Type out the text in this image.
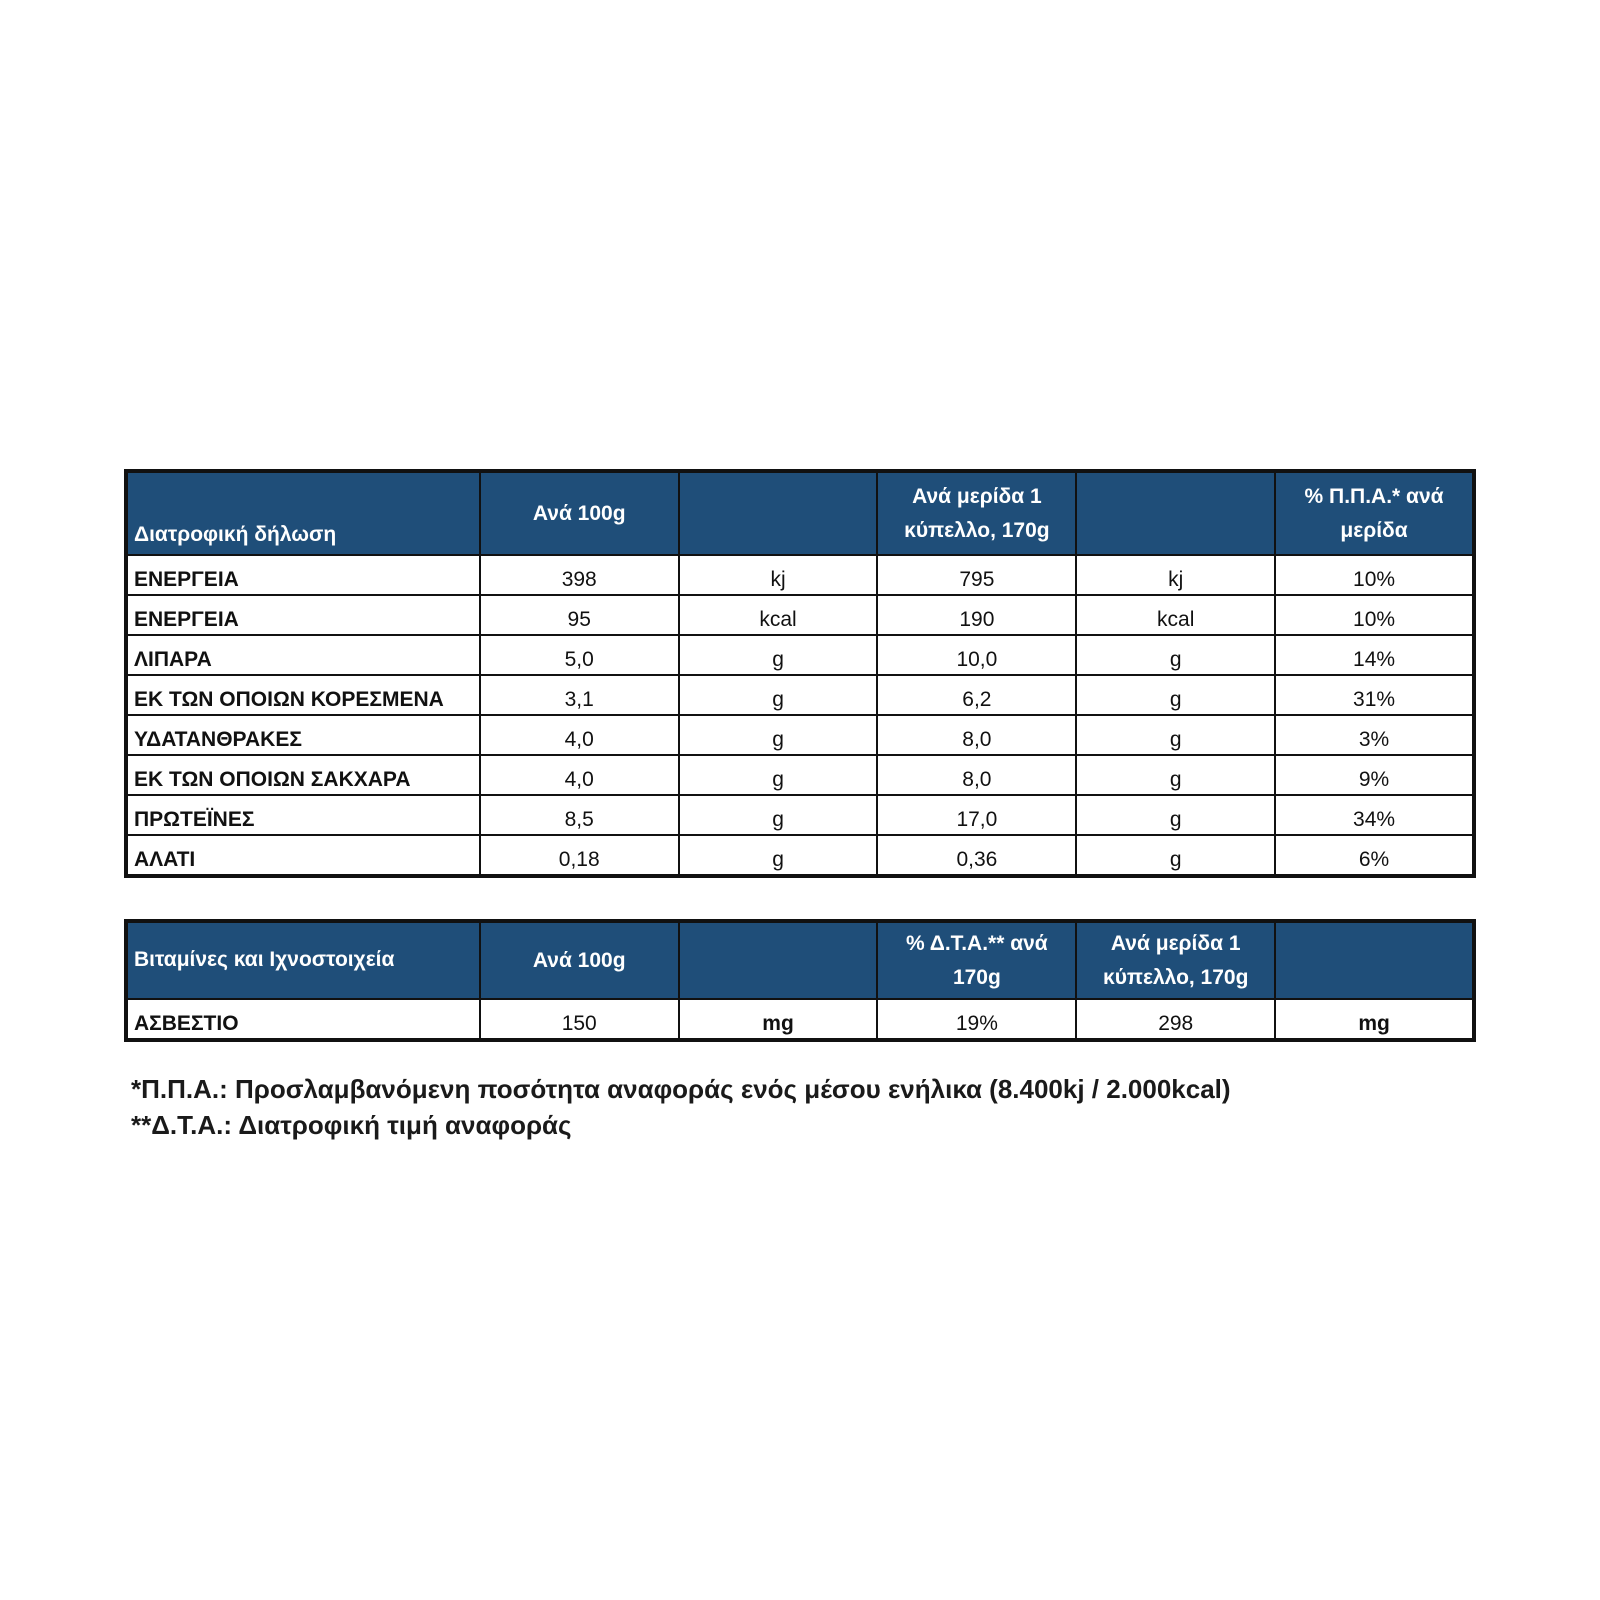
Διατροφική δήλωση	Ανά 100g		Ανά μερίδα 1 κύπελλο, 170g		% Π.Π.Α.* ανά μερίδα
ΕΝΕΡΓΕΙΑ	398	kj	795	kj	10%
ΕΝΕΡΓΕΙΑ	95	kcal	190	kcal	10%
ΛΙΠΑΡΑ	5,0	g	10,0	g	14%
ΕΚ ΤΩΝ ΟΠΟΙΩΝ ΚΟΡΕΣΜΕΝΑ	3,1	g	6,2	g	31%
ΥΔΑΤΑΝΘΡΑΚΕΣ	4,0	g	8,0	g	3%
ΕΚ ΤΩΝ ΟΠΟΙΩΝ ΣΑΚΧΑΡΑ	4,0	g	8,0	g	9%
ΠΡΩΤΕΪΝΕΣ	8,5	g	17,0	g	34%
ΑΛΑΤΙ	0,18	g	0,36	g	6%
Βιταμίνες και Ιχνοστοιχεία	Ανά 100g		% Δ.Τ.Α.** ανά 170g	Ανά μερίδα 1 κύπελλο, 170g	
ΑΣΒΕΣΤΙΟ	150	mg	19%	298	mg
*Π.Π.Α.: Προσλαμβανόμενη ποσότητα αναφοράς ενός μέσου ενήλικα (8.400kj / 2.000kcal)
**Δ.Τ.Α.: Διατροφική τιμή αναφοράς
